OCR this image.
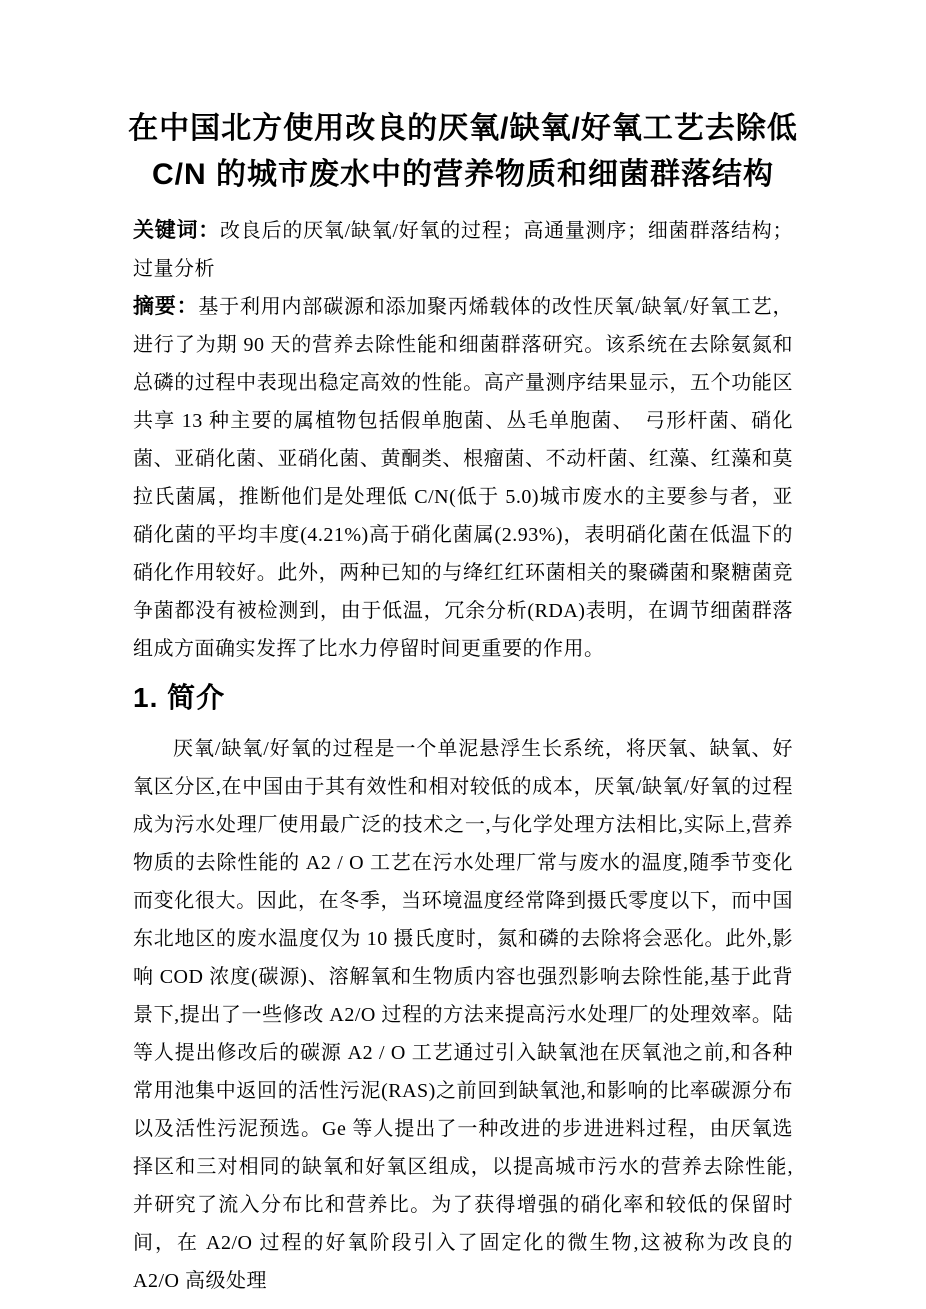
在中国北方使用改良的厌氧/缺氧/好氧工艺去除低
C/N 的城市废水中的营养物质和细菌群落结构

关键词：改良后的厌氧/缺氧/好氧的过程；高通量测序；细菌群落结构；过量分析

摘要：基于利用内部碳源和添加聚丙烯载体的改性厌氧/缺氧/好氧工艺，进行了为期 90 天的营养去除性能和细菌群落研究。该系统在去除氨氮和总磷的过程中表现出稳定高效的性能。高产量测序结果显示，五个功能区共享 13 种主要的属植物包括假单胞菌、丛毛单胞菌、　弓形杆菌、硝化菌、亚硝化菌、亚硝化菌、黄酮类、根瘤菌、不动杆菌、红藻、红藻和莫拉氏菌属，推断他们是处理低 C/N(低于 5.0)城市废水的主要参与者，亚硝化菌的平均丰度(4.21%)高于硝化菌属(2.93%)，表明硝化菌在低温下的硝化作用较好。此外，两种已知的与绛红红环菌相关的聚磷菌和聚糖菌竞争菌都没有被检测到，由于低温，冗余分析(RDA)表明，在调节细菌群落组成方面确实发挥了比水力停留时间更重要的作用。

1. 简介

厌氧/缺氧/好氧的过程是一个单泥悬浮生长系统，将厌氧、缺氧、好氧区分区,在中国由于其有效性和相对较低的成本，厌氧/缺氧/好氧的过程成为污水处理厂使用最广泛的技术之一,与化学处理方法相比,实际上,营养物质的去除性能的 A2 / O 工艺在污水处理厂常与废水的温度,随季节变化而变化很大。因此，在冬季，当环境温度经常降到摄氏零度以下，而中国东北地区的废水温度仅为 10 摄氏度时，氮和磷的去除将会恶化。此外,影响 COD 浓度(碳源)、溶解氧和生物质内容也强烈影响去除性能,基于此背景下,提出了一些修改 A2/O 过程的方法来提高污水处理厂的处理效率。陆等人提出修改后的碳源 A2 / O 工艺通过引入缺氧池在厌氧池之前,和各种常用池集中返回的活性污泥(RAS)之前回到缺氧池,和影响的比率碳源分布以及活性污泥预选。Ge 等人提出了一种改进的步进进料过程，由厌氧选择区和三对相同的缺氧和好氧区组成，以提高城市污水的营养去除性能,并研究了流入分布比和营养比。为了获得增强的硝化率和较低的保留时间，在 A2/O 过程的好氧阶段引入了固定化的微生物,这被称为改良的 A2/O 高级处理
